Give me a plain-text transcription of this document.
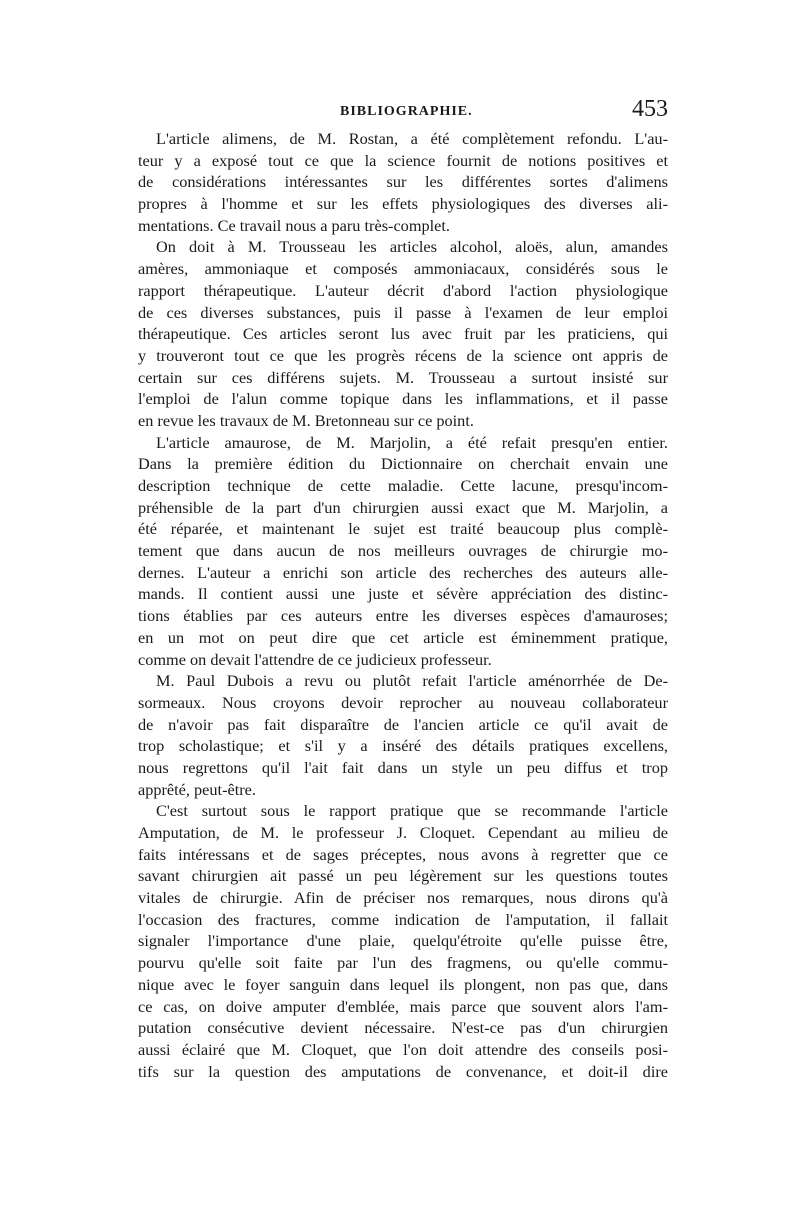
BIBLIOGRAPHIE.	453
L'article alimens, de M. Rostan, a été complètement refondu. L'au-
teur y a exposé tout ce que la science fournit de notions positives et
de considérations intéressantes sur les différentes sortes d'alimens
propres à l'homme et sur les effets physiologiques des diverses ali-
mentations. Ce travail nous a paru très-complet.
On doit à M. Trousseau les articles alcohol, aloës, alun, amandes
amères, ammoniaque et composés ammoniacaux, considérés sous le
rapport thérapeutique. L'auteur décrit d'abord l'action physiologique
de ces diverses substances, puis il passe à l'examen de leur emploi
thérapeutique. Ces articles seront lus avec fruit par les praticiens, qui
y trouveront tout ce que les progrès récens de la science ont appris de
certain sur ces différens sujets. M. Trousseau a surtout insisté sur
l'emploi de l'alun comme topique dans les inflammations, et il passe
en revue les travaux de M. Bretonneau sur ce point.
L'article amaurose, de M. Marjolin, a été refait presqu'en entier.
Dans la première édition du Dictionnaire on cherchait envain une
description technique de cette maladie. Cette lacune, presqu'incom-
préhensible de la part d'un chirurgien aussi exact que M. Marjolin, a
été réparée, et maintenant le sujet est traité beaucoup plus complè-
tement que dans aucun de nos meilleurs ouvrages de chirurgie mo-
dernes. L'auteur a enrichi son article des recherches des auteurs alle-
mands. Il contient aussi une juste et sévère appréciation des distinc-
tions établies par ces auteurs entre les diverses espèces d'amauroses;
en un mot on peut dire que cet article est éminemment pratique,
comme on devait l'attendre de ce judicieux professeur.
M. Paul Dubois a revu ou plutôt refait l'article aménorrhée de De-
sormeaux. Nous croyons devoir reprocher au nouveau collaborateur
de n'avoir pas fait disparaître de l'ancien article ce qu'il avait de
trop scholastique; et s'il y a inséré des détails pratiques excellens,
nous regrettons qu'il l'ait fait dans un style un peu diffus et trop
apprêté, peut-être.
C'est surtout sous le rapport pratique que se recommande l'article
Amputation, de M. le professeur J. Cloquet. Cependant au milieu de
faits intéressans et de sages préceptes, nous avons à regretter que ce
savant chirurgien ait passé un peu légèrement sur les questions toutes
vitales de chirurgie. Afin de préciser nos remarques, nous dirons qu'à
l'occasion des fractures, comme indication de l'amputation, il fallait
signaler l'importance d'une plaie, quelqu'étroite qu'elle puisse être,
pourvu qu'elle soit faite par l'un des fragmens, ou qu'elle commu-
nique avec le foyer sanguin dans lequel ils plongent, non pas que, dans
ce cas, on doive amputer d'emblée, mais parce que souvent alors l'am-
putation consécutive devient nécessaire. N'est-ce pas d'un chirurgien
aussi éclairé que M. Cloquet, que l'on doit attendre des conseils posi-
tifs sur la question des amputations de convenance, et doit-il dire
